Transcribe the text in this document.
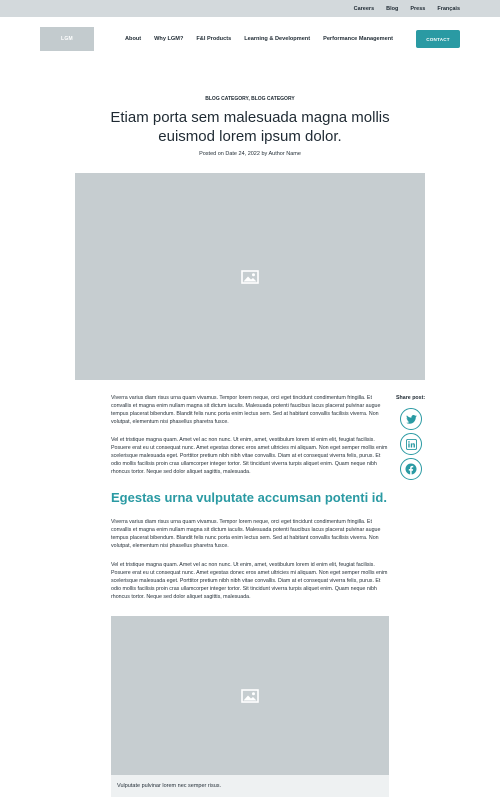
Careers Blog Press Français
LGM	About Why LGM? F&I Products Learning & Development Performance Management	CONTACT
BLOG CATEGORY, BLOG CATEGORY
Etiam porta sem malesuada magna mollis euismod lorem ipsum dolor.
Posted on Date 24, 2022 by Author Name

Viverra varius diam risus urna quam vivamus. Tempor lorem neque, orci eget tincidunt condimentum fringilla. Et convallis et magna enim nullam magna sit dictum iaculis. Malesuada potenti faucibus lacus placerat pulvinar augue tempus placerat bibendum. Blandit felis nunc porta enim lectus sem. Sed at habitant convallis facilisis viverra. Non volutpat, elementum nisi phasellus pharetra fusce.

Vel et tristique magna quam. Amet vel ac non nunc. Ut enim, amet, vestibulum lorem id enim elit, feugiat facilisis. Posuere erat eu ut consequat nunc. Amet egestas donec eros amet ultricies mi aliquam. Non eget semper mollis enim scelerisque malesuada eget. Porttitor pretium nibh nibh vitae convallis. Diam at et consequat viverra felis, purus. Et odio mollis facilisis proin cras ullamcorper integer tortor. Sit tincidunt viverra turpis aliquet enim. Quam neque nibh rhoncus tortor. Neque sed dolor aliquet sagittis, malesuada.

Egestas urna vulputate accumsan potenti id.

Viverra varius diam risus urna quam vivamus. Tempor lorem neque, orci eget tincidunt condimentum fringilla. Et convallis et magna enim nullam magna sit dictum iaculis. Malesuada potenti faucibus lacus placerat pulvinar augue tempus placerat bibendum. Blandit felis nunc porta enim lectus sem. Sed at habitant convallis facilisis viverra. Non volutpat, elementum nisi phasellus pharetra fusce.

Vel et tristique magna quam. Amet vel ac non nunc. Ut enim, amet, vestibulum lorem id enim elit, feugiat facilisis. Posuere erat eu ut consequat nunc. Amet egestas donec eros amet ultricies mi aliquam. Non eget semper mollis enim scelerisque malesuada eget. Porttitor pretium nibh nibh vitae convallis. Diam at et consequat viverra felis, purus. Et odio mollis facilisis proin cras ullamcorper integer tortor. Sit tincidunt viverra turpis aliquet enim. Quam neque nibh rhoncus tortor. Neque sed dolor aliquet sagittis, malesuada.

Share post:
Vulputate pulvinar lorem nec semper risus.
